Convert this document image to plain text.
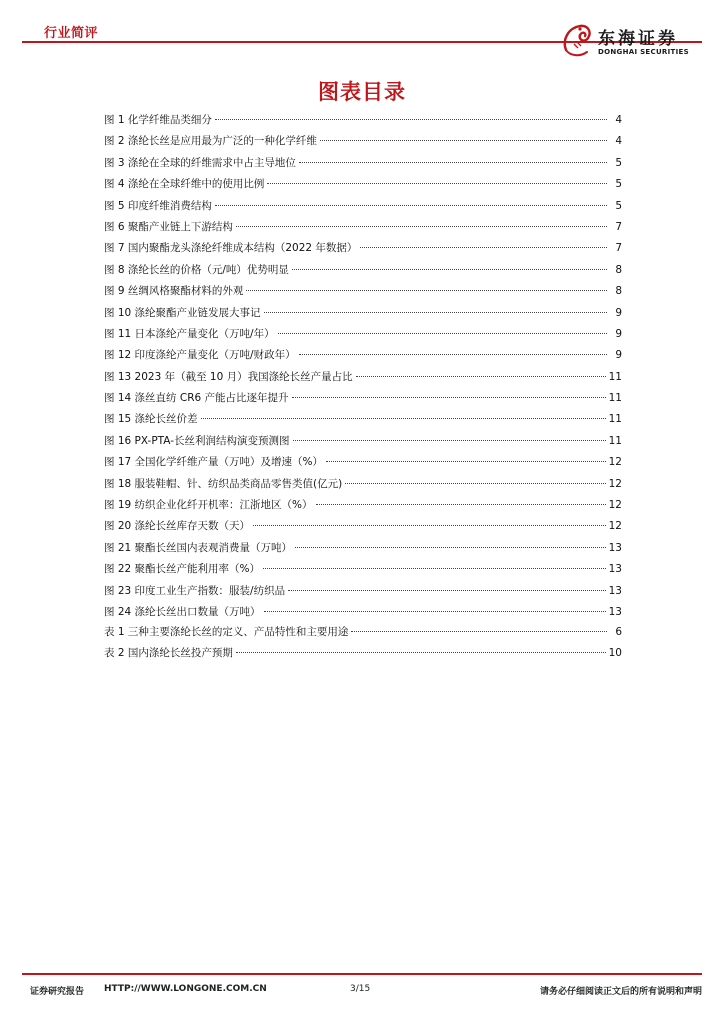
行业简评	东海证券
DONGHAI SECURITIES
图表目录
图 1 化学纤维品类细分	4
图 2 涤纶长丝是应用最为广泛的一种化学纤维	4
图 3 涤纶在全球的纤维需求中占主导地位	5
图 4 涤纶在全球纤维中的使用比例	5
图 5 印度纤维消费结构	5
图 6 聚酯产业链上下游结构	7
图 7 国内聚酯龙头涤纶纤维成本结构（2022 年数据）	7
图 8 涤纶长丝的价格（元/吨）优势明显	8
图 9 丝绸风格聚酯材料的外观	8
图 10 涤纶聚酯产业链发展大事记	9
图 11 日本涤纶产量变化（万吨/年）	9
图 12 印度涤纶产量变化（万吨/财政年）	9
图 13 2023 年（截至 10 月）我国涤纶长丝产量占比	11
图 14 涤丝直纺 CR6 产能占比逐年提升	11
图 15 涤纶长丝价差	11
图 16 PX-PTA-长丝利润结构演变预测图	11
图 17 全国化学纤维产量（万吨）及增速（%）	12
图 18 服装鞋帽、针、纺织品类商品零售类值(亿元)	12
图 19 纺织企业化纤开机率：江浙地区（%）	12
图 20 涤纶长丝库存天数（天）	12
图 21 聚酯长丝国内表观消费量（万吨）	13
图 22 聚酯长丝产能利用率（%）	13
图 23 印度工业生产指数：服装/纺织品	13
图 24 涤纶长丝出口数量（万吨）	13
表 1 三种主要涤纶长丝的定义、产品特性和主要用途	6
表 2 国内涤纶长丝投产预期	10
证券研究报告 HTTP://WWW.LONGONE.COM.CN	3/15	请务必仔细阅读正文后的所有说明和声明
